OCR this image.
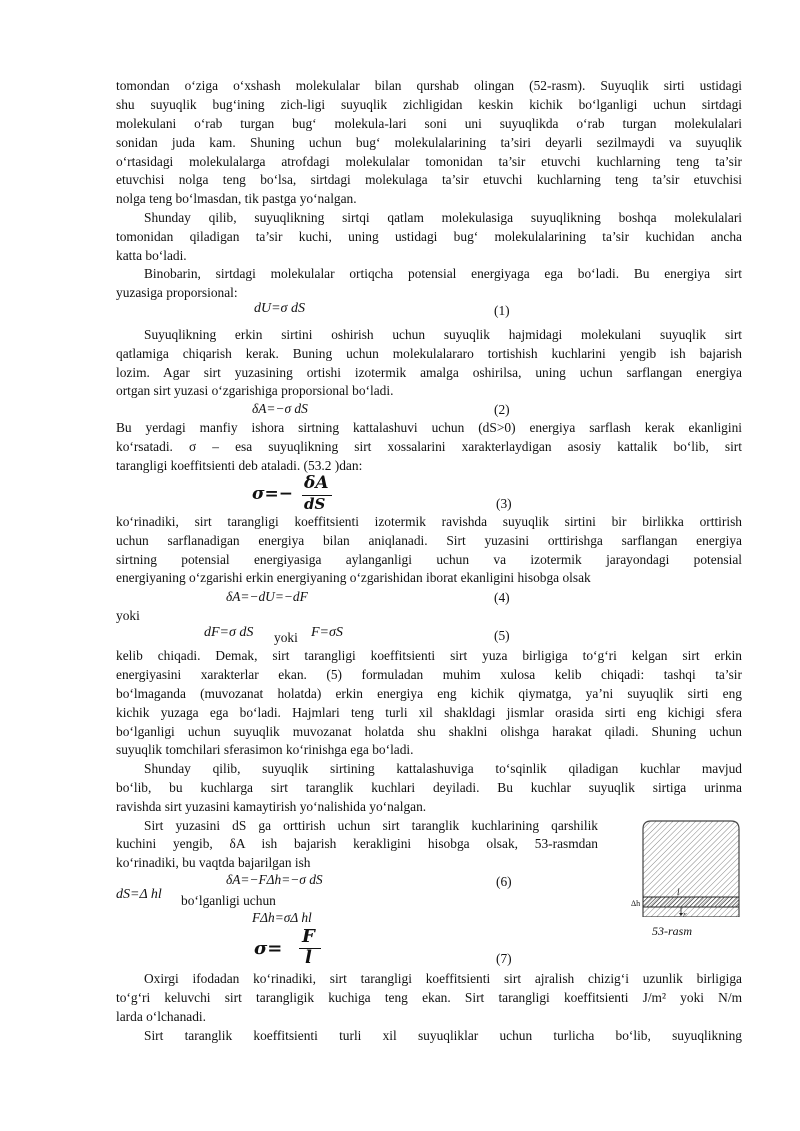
tomondan o‘ziga o‘xshash molekulalar bilan qurshab olingan (52-rasm). Suyuqlik sirti ustidagi
shu suyuqlik bug‘ining zich-ligi suyuqlik zichligidan keskin kichik bo‘lganligi uchun sirtdagi
molekulani o‘rab turgan bug‘ molekula-lari soni uni suyuqlikda o‘rab turgan molekulalari
sonidan juda kam. Shuning uchun bug‘ molekulalarining ta’siri deyarli sezilmaydi va suyuqlik
o‘rtasidagi molekulalarga atrofdagi molekulalar tomonidan ta’sir etuvchi kuchlarning teng ta’sir
etuvchisi nolga teng bo‘lsa, sirtdagi molekulaga ta’sir etuvchi kuchlarning teng ta’sir etuvchisi
nolga teng bo‘lmasdan, tik pastga yo‘nalgan.
Shunday qilib, suyuqlikning sirtqi qatlam molekulasiga suyuqlikning boshqa molekulalari
tomonidan qiladigan ta’sir kuchi, uning ustidagi bug‘ molekulalarining ta’sir kuchidan ancha
katta bo‘ladi.
Binobarin, sirtdagi molekulalar ortiqcha potensial energiyaga ega bo‘ladi. Bu energiya sirt
yuzasiga proporsional:
dU=σ dS	(1)
Suyuqlikning erkin sirtini oshirish uchun suyuqlik hajmidagi molekulani suyuqlik sirt
qatlamiga chiqarish kerak. Buning uchun molekulalararo tortishish kuchlarini yengib ish bajarish
lozim. Agar sirt yuzasining ortishi izotermik amalga oshirilsa, uning uchun sarflangan energiya
ortgan sirt yuzasi o‘zgarishiga proporsional bo‘ladi.
δA=−σ dS	(2)
Bu yerdagi manfiy ishora sirtning kattalashuvi uchun (dS>0) energiya sarflash kerak ekanligini
ko‘rsatadi. σ – esa suyuqlikning sirt xossalarini xarakterlaydigan asosiy kattalik bo‘lib, sirt
tarangligi koeffitsienti deb ataladi. (53.2 )dan:
σ=−
δA
dS	(3)
ko‘rinadiki, sirt tarangligi koeffitsienti izotermik ravishda suyuqlik sirtini bir birlikka orttirish
uchun sarflanadigan energiya bilan aniqlanadi. Sirt yuzasini orttirishga sarflangan energiya
sirtning potensial energiyasiga aylanganligi uchun va izotermik jarayondagi potensial
energiyaning o‘zgarishi erkin energiyaning o‘zgarishidan iborat ekanligini hisobga olsak
δA=−dU=−dF	(4)
yoki
dF=σ dS yoki F=σS	(5)
kelib chiqadi. Demak, sirt tarangligi koeffitsienti sirt yuza birligiga to‘g‘ri kelgan sirt erkin
energiyasini xarakterlar ekan. (5) formuladan muhim xulosa kelib chiqadi: tashqi ta’sir
bo‘lmaganda (muvozanat holatda) erkin energiya eng kichik qiymatga, ya’ni suyuqlik sirti eng
kichik yuzaga ega bo‘ladi. Hajmlari teng turli xil shakldagi jismlar orasida sirti eng kichigi sfera
bo‘lganligi uchun suyuqlik muvozanat holatda shu shaklni olishga harakat qiladi. Shuning uchun
suyuqlik tomchilari sferasimon ko‘rinishga ega bo‘ladi.
Shunday qilib, suyuqlik sirtining kattalashuviga to‘sqinlik qiladigan kuchlar mavjud
bo‘lib, bu kuchlarga sirt taranglik kuchlari deyiladi. Bu kuchlar suyuqlik sirtiga urinma
ravishda sirt yuzasini kamaytirish yo‘nalishida yo‘nalgan.
Sirt yuzasini dS ga orttirish uchun sirt taranglik kuchlarining qarshilik
kuchini yengib, δA ish bajarish kerakligini hisobga olsak, 53-rasmdan
ko‘rinadiki, bu vaqtda bajarilgan ish
δA=−FΔh=−σ dS	(6)
dS=Δ hl bo‘lganligi uchun
FΔh=σΔ hl
σ=
F
l	(7)
Oxirgi ifodadan ko‘rinadiki, sirt tarangligi koeffitsienti sirt ajralish chizig‘i uzunlik birligiga
to‘g‘ri keluvchi sirt tarangligik kuchiga teng ekan. Sirt tarangligi koeffitsienti J/m² yoki N/m
larda o‘lchanadi.
Sirt taranglik koeffitsienti turli xil suyuqliklar uchun turlicha bo‘lib, suyuqlikning
Δh
l
F
53-rasm
